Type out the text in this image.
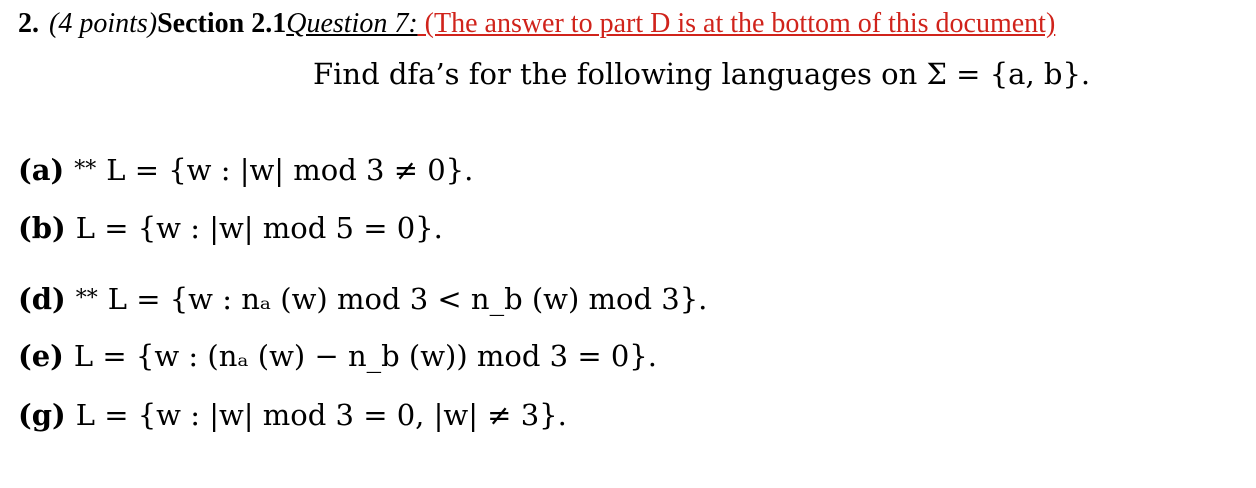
2. (4 points)Section 2.1Question 7: (The answer to part D is at the bottom of this document)
Find dfa’s for the following languages on Σ = {a, b}.
(a) ** L = {w : |w| mod 3 ≠ 0}.
(b) L = {w : |w| mod 5 = 0}.
(d) ** L = {w : nₐ (w) mod 3 < n_b (w) mod 3}.
(e) L = {w : (nₐ (w) − n_b (w)) mod 3 = 0}.
(g) L = {w : |w| mod 3 = 0, |w| ≠ 3}.
